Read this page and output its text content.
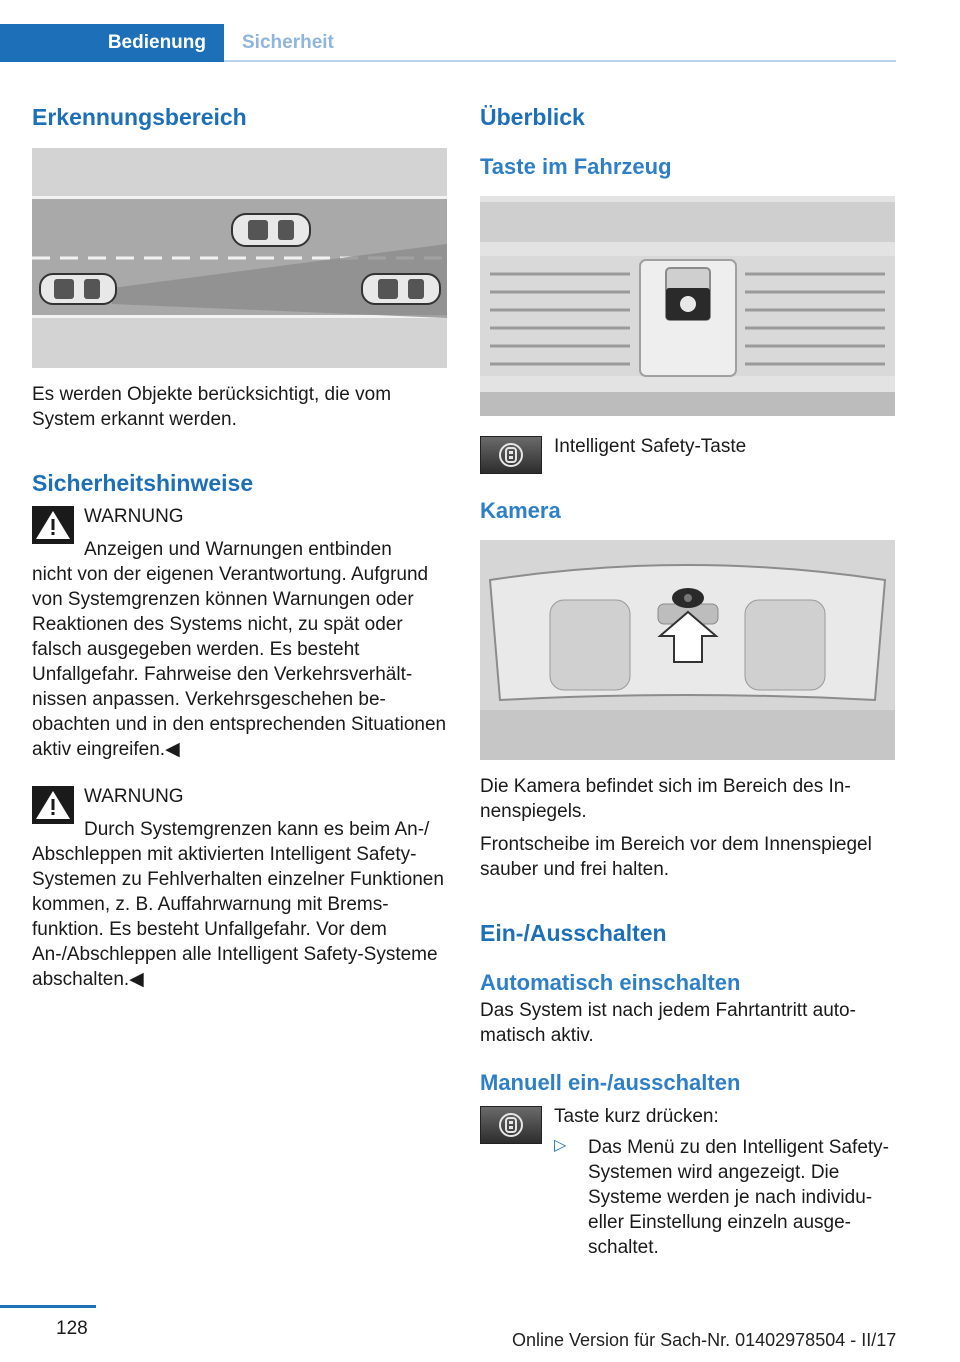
Bedienung	Sicherheit
Erkennungsbereich

Es werden Objekte berücksichtigt, die vom System erkannt werden.

Sicherheitshinweise

WARNUNG

Anzeigen und Warnungen entbinden

nicht von der eigenen Verantwortung. Aufgrund von Systemgrenzen können Warnungen oder Reaktionen des Systems nicht, zu spät oder falsch ausgegeben werden. Es besteht Unfallgefahr. Fahrweise den Verkehrsverhältnissen anpassen. Verkehrsgeschehen beobachten und in den entsprechenden Situationen aktiv eingreifen.◀

WARNUNG

Durch Systemgrenzen kann es beim An-/

Abschleppen mit aktivierten Intelligent Safety-Systemen zu Fehlverhalten einzelner Funktionen kommen, z. B. Auffahrwarnung mit Bremsfunktion. Es besteht Unfallgefahr. Vor dem An-/Abschleppen alle Intelligent Safety-Systeme abschalten.◀

Überblick
Taste im Fahrzeug

Intelligent Safety-Taste

Kamera

Die Kamera befindet sich im Bereich des Innenspiegels.

Frontscheibe im Bereich vor dem Innenspiegel sauber und frei halten.

Ein-/Ausschalten
Automatisch einschalten

Das System ist nach jedem Fahrtantritt automatisch aktiv.

Manuell ein-/ausschalten

Taste kurz drücken:

▷ Das Menü zu den Intelligent Safety-Systemen wird angezeigt. Die Systeme werden je nach individueller Einstellung einzeln ausgeschaltet.

128
Online Version für Sach-Nr. 01402978504 - II/17
